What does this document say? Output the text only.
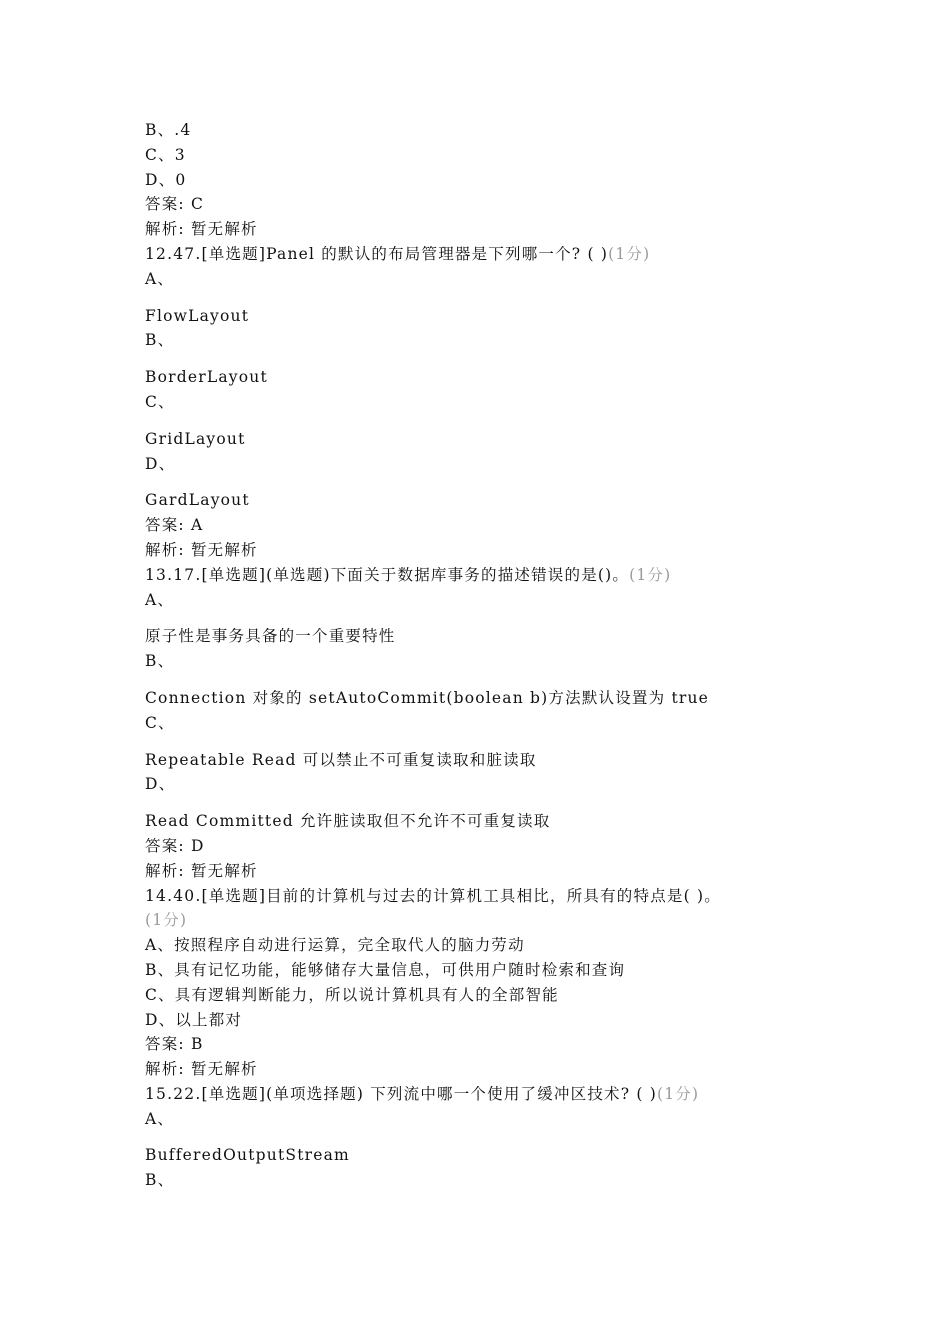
B、.4
C、3
D、0
答案: C
解析: 暂无解析
12.47.[单选题]Panel 的默认的布局管理器是下列哪一个? ( )(1分)
A、
FlowLayout
B、
BorderLayout
C、
GridLayout
D、
GardLayout
答案: A
解析: 暂无解析
13.17.[单选题](单选题)下面关于数据库事务的描述错误的是()。(1分)
A、
原子性是事务具备的一个重要特性
B、
Connection 对象的 setAutoCommit(boolean b)方法默认设置为 true
C、
Repeatable Read 可以禁止不可重复读取和脏读取
D、
Read Committed 允许脏读取但不允许不可重复读取
答案: D
解析: 暂无解析
14.40.[单选题]目前的计算机与过去的计算机工具相比，所具有的特点是( )。
(1分)
A、按照程序自动进行运算，完全取代人的脑力劳动
B、具有记忆功能，能够储存大量信息，可供用户随时检索和查询
C、具有逻辑判断能力，所以说计算机具有人的全部智能
D、以上都对
答案: B
解析: 暂无解析
15.22.[单选题](单项选择题) 下列流中哪一个使用了缓冲区技术? ( )(1分)
A、
BufferedOutputStream
B、
